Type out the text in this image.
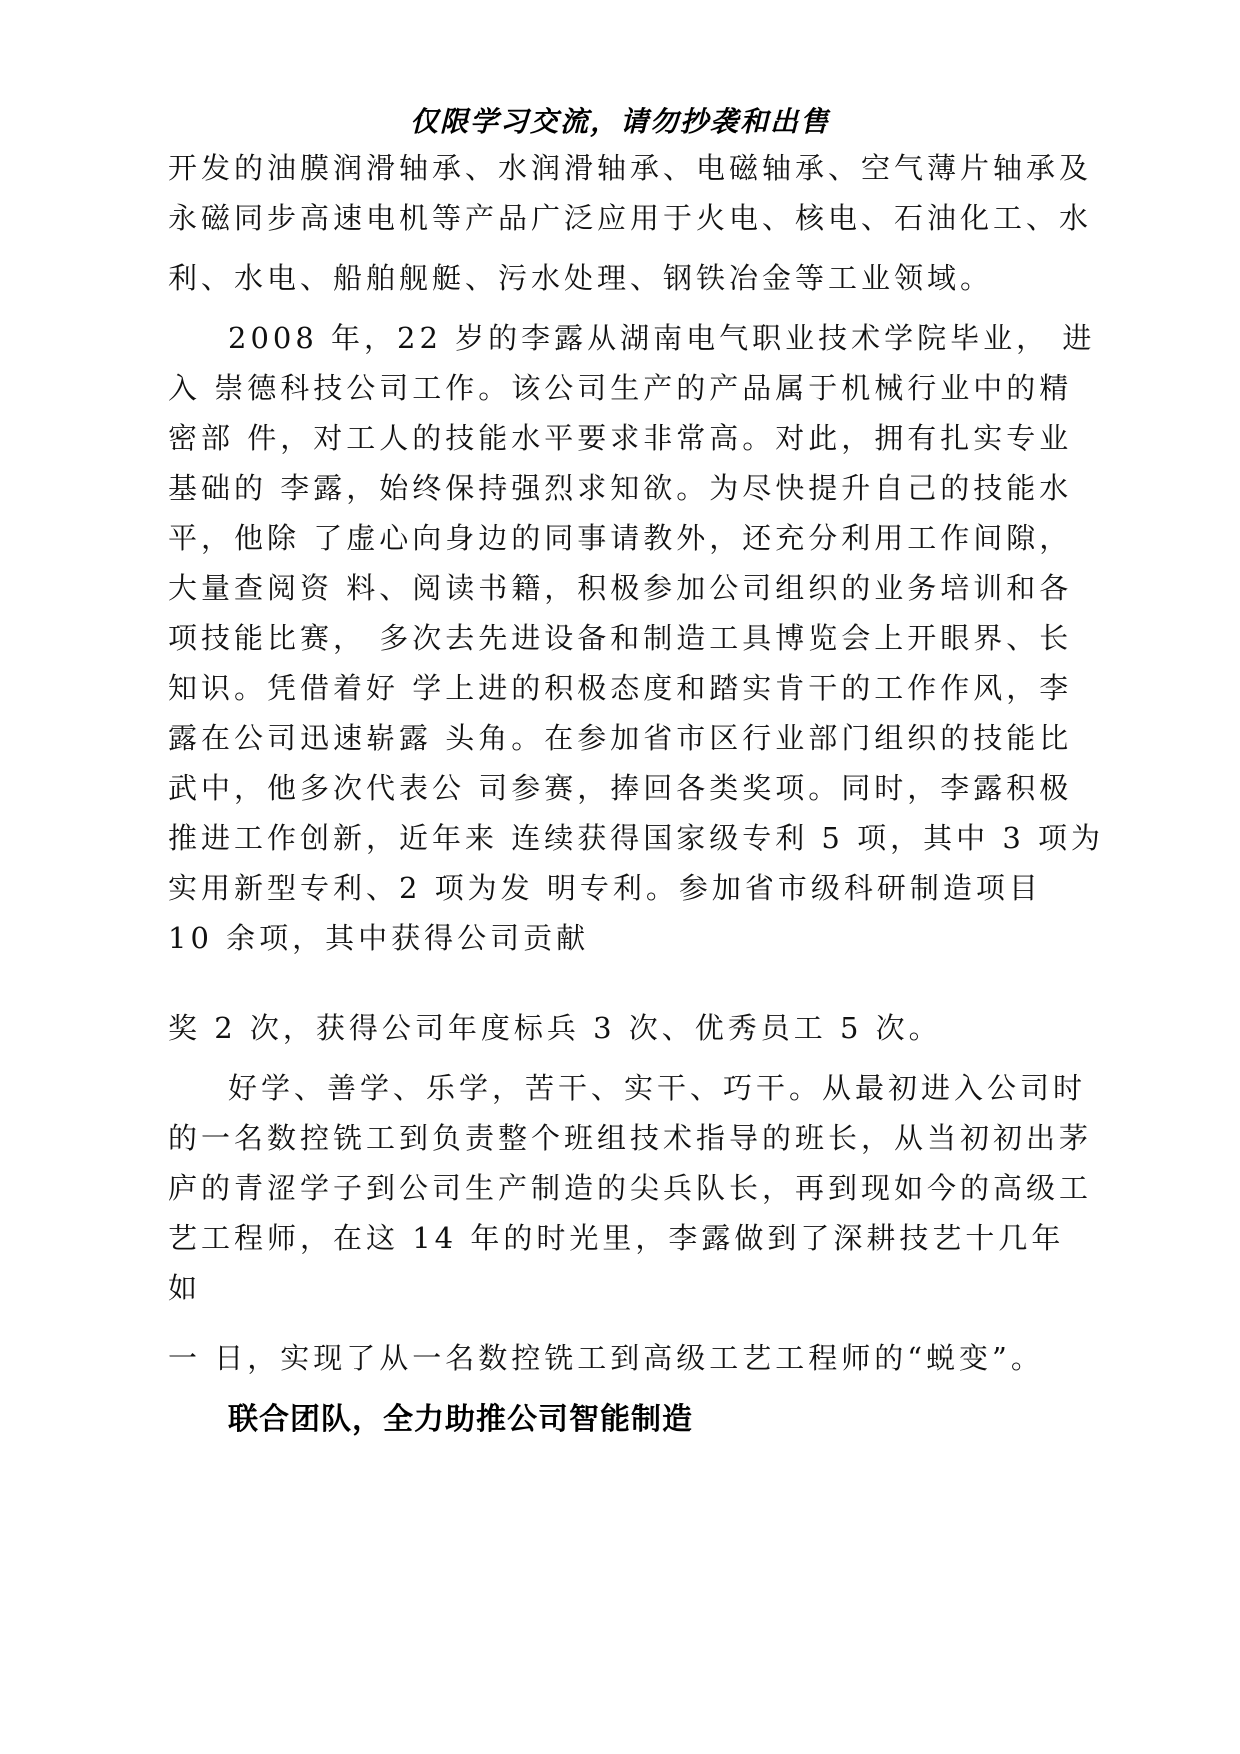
仅限学习交流，请勿抄袭和出售
开发的油膜润滑轴承、水润滑轴承、电磁轴承、空气薄片轴承及
永磁同步高速电机等产品广泛应用于火电、核电、石油化工、水
利、水电、船舶舰艇、污水处理、钢铁冶金等工业领域。
2008 年，22 岁的李露从湖南电气职业技术学院毕业， 进
入 崇德科技公司工作。该公司生产的产品属于机械行业中的精
密部 件，对工人的技能水平要求非常高。对此，拥有扎实专业
基础的 李露，始终保持强烈求知欲。为尽快提升自己的技能水
平，他除 了虚心向身边的同事请教外，还充分利用工作间隙，
大量查阅资 料、阅读书籍，积极参加公司组织的业务培训和各
项技能比赛， 多次去先进设备和制造工具博览会上开眼界、长
知识。凭借着好 学上进的积极态度和踏实肯干的工作作风，李
露在公司迅速崭露 头角。在参加省市区行业部门组织的技能比
武中，他多次代表公 司参赛，捧回各类奖项。同时，李露积极
推进工作创新，近年来 连续获得国家级专利 5 项，其中 3 项为
实用新型专利、2 项为发 明专利。参加省市级科研制造项目
10 余项，其中获得公司贡献
奖 2 次，获得公司年度标兵 3 次、优秀员工 5 次。
好学、善学、乐学，苦干、实干、巧干。从最初进入公司时
的一名数控铣工到负责整个班组技术指导的班长，从当初初出茅
庐的青涩学子到公司生产制造的尖兵队长，再到现如今的高级工
艺工程师，在这 14 年的时光里，李露做到了深耕技艺十几年
如
一 日，实现了从一名数控铣工到高级工艺工程师的“蜕变”。
联合团队，全力助推公司智能制造
